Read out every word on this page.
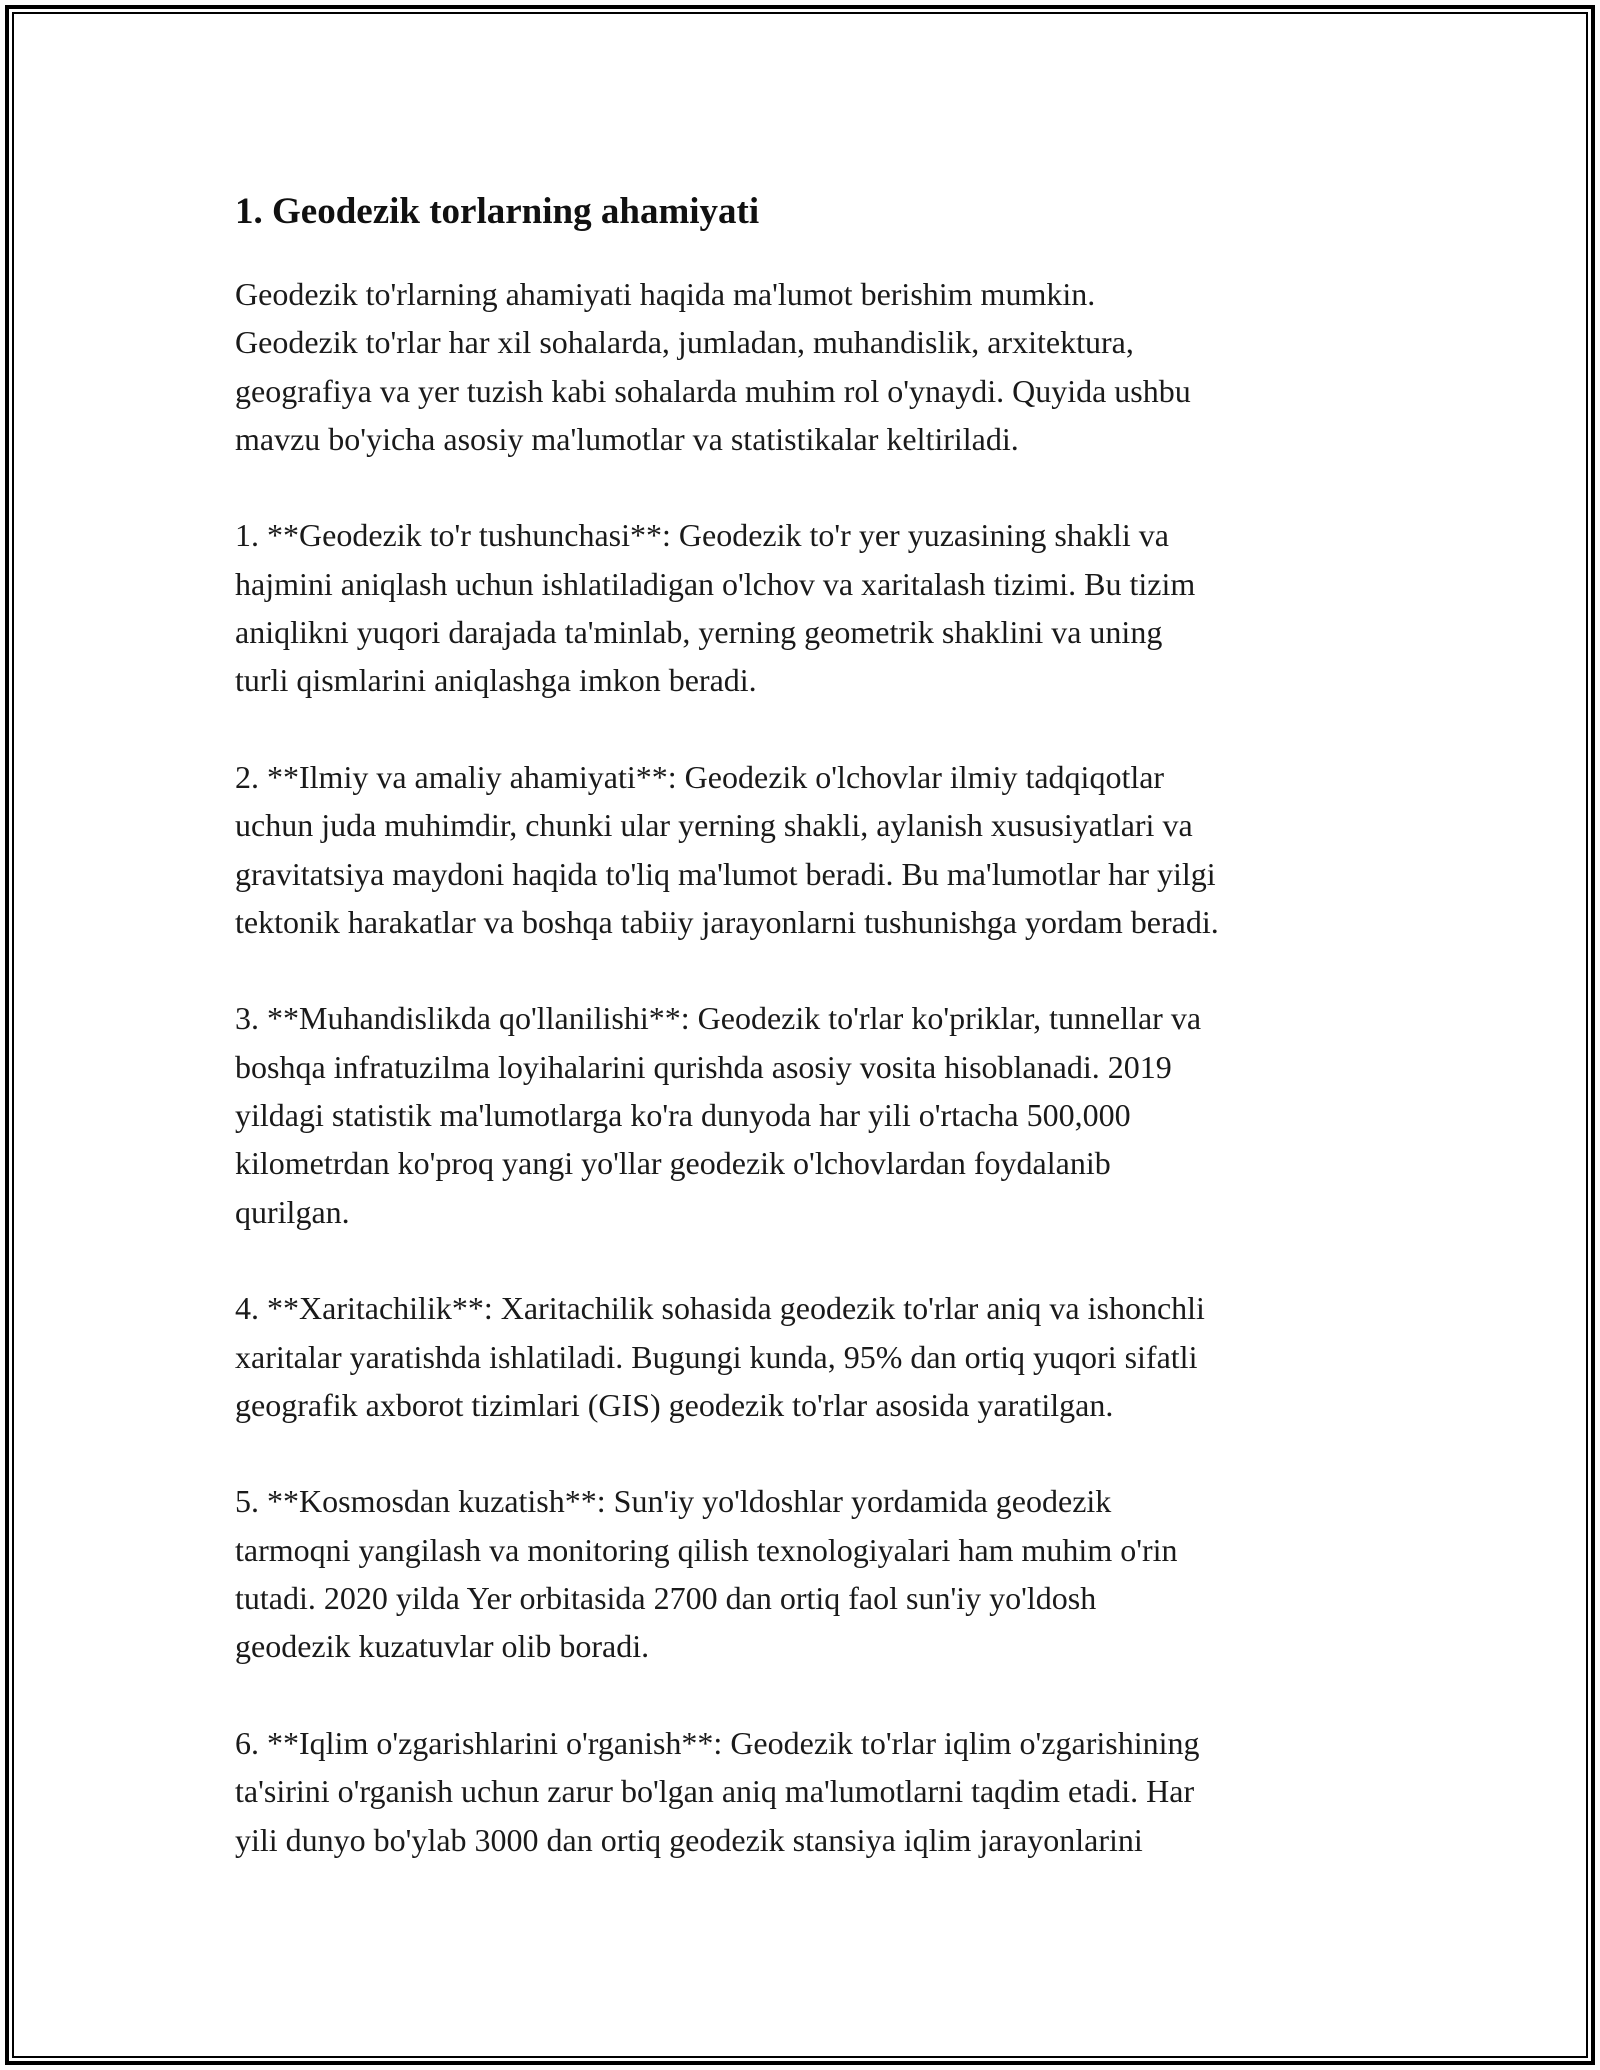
1. Geodezik torlarning ahamiyati

Geodezik to'rlarning ahamiyati haqida ma'lumot berishim mumkin.
Geodezik to'rlar har xil sohalarda, jumladan, muhandislik, arxitektura,
geografiya va yer tuzish kabi sohalarda muhim rol o'ynaydi. Quyida ushbu
mavzu bo'yicha asosiy ma'lumotlar va statistikalar keltiriladi.

1. **Geodezik to'r tushunchasi**: Geodezik to'r yer yuzasining shakli va
hajmini aniqlash uchun ishlatiladigan o'lchov va xaritalash tizimi. Bu tizim
aniqlikni yuqori darajada ta'minlab, yerning geometrik shaklini va uning
turli qismlarini aniqlashga imkon beradi.

2. **Ilmiy va amaliy ahamiyati**: Geodezik o'lchovlar ilmiy tadqiqotlar
uchun juda muhimdir, chunki ular yerning shakli, aylanish xususiyatlari va
gravitatsiya maydoni haqida to'liq ma'lumot beradi. Bu ma'lumotlar har yilgi
tektonik harakatlar va boshqa tabiiy jarayonlarni tushunishga yordam beradi.

3. **Muhandislikda qo'llanilishi**: Geodezik to'rlar ko'priklar, tunnellar va
boshqa infratuzilma loyihalarini qurishda asosiy vosita hisoblanadi. 2019
yildagi statistik ma'lumotlarga ko'ra dunyoda har yili o'rtacha 500,000
kilometrdan ko'proq yangi yo'llar geodezik o'lchovlardan foydalanib
qurilgan.

4. **Xaritachilik**: Xaritachilik sohasida geodezik to'rlar aniq va ishonchli
xaritalar yaratishda ishlatiladi. Bugungi kunda, 95% dan ortiq yuqori sifatli
geografik axborot tizimlari (GIS) geodezik to'rlar asosida yaratilgan.

5. **Kosmosdan kuzatish**: Sun'iy yo'ldoshlar yordamida geodezik
tarmoqni yangilash va monitoring qilish texnologiyalari ham muhim o'rin
tutadi. 2020 yilda Yer orbitasida 2700 dan ortiq faol sun'iy yo'ldosh
geodezik kuzatuvlar olib boradi.

6. **Iqlim o'zgarishlarini o'rganish**: Geodezik to'rlar iqlim o'zgarishining
ta'sirini o'rganish uchun zarur bo'lgan aniq ma'lumotlarni taqdim etadi. Har
yili dunyo bo'ylab 3000 dan ortiq geodezik stansiya iqlim jarayonlarini
